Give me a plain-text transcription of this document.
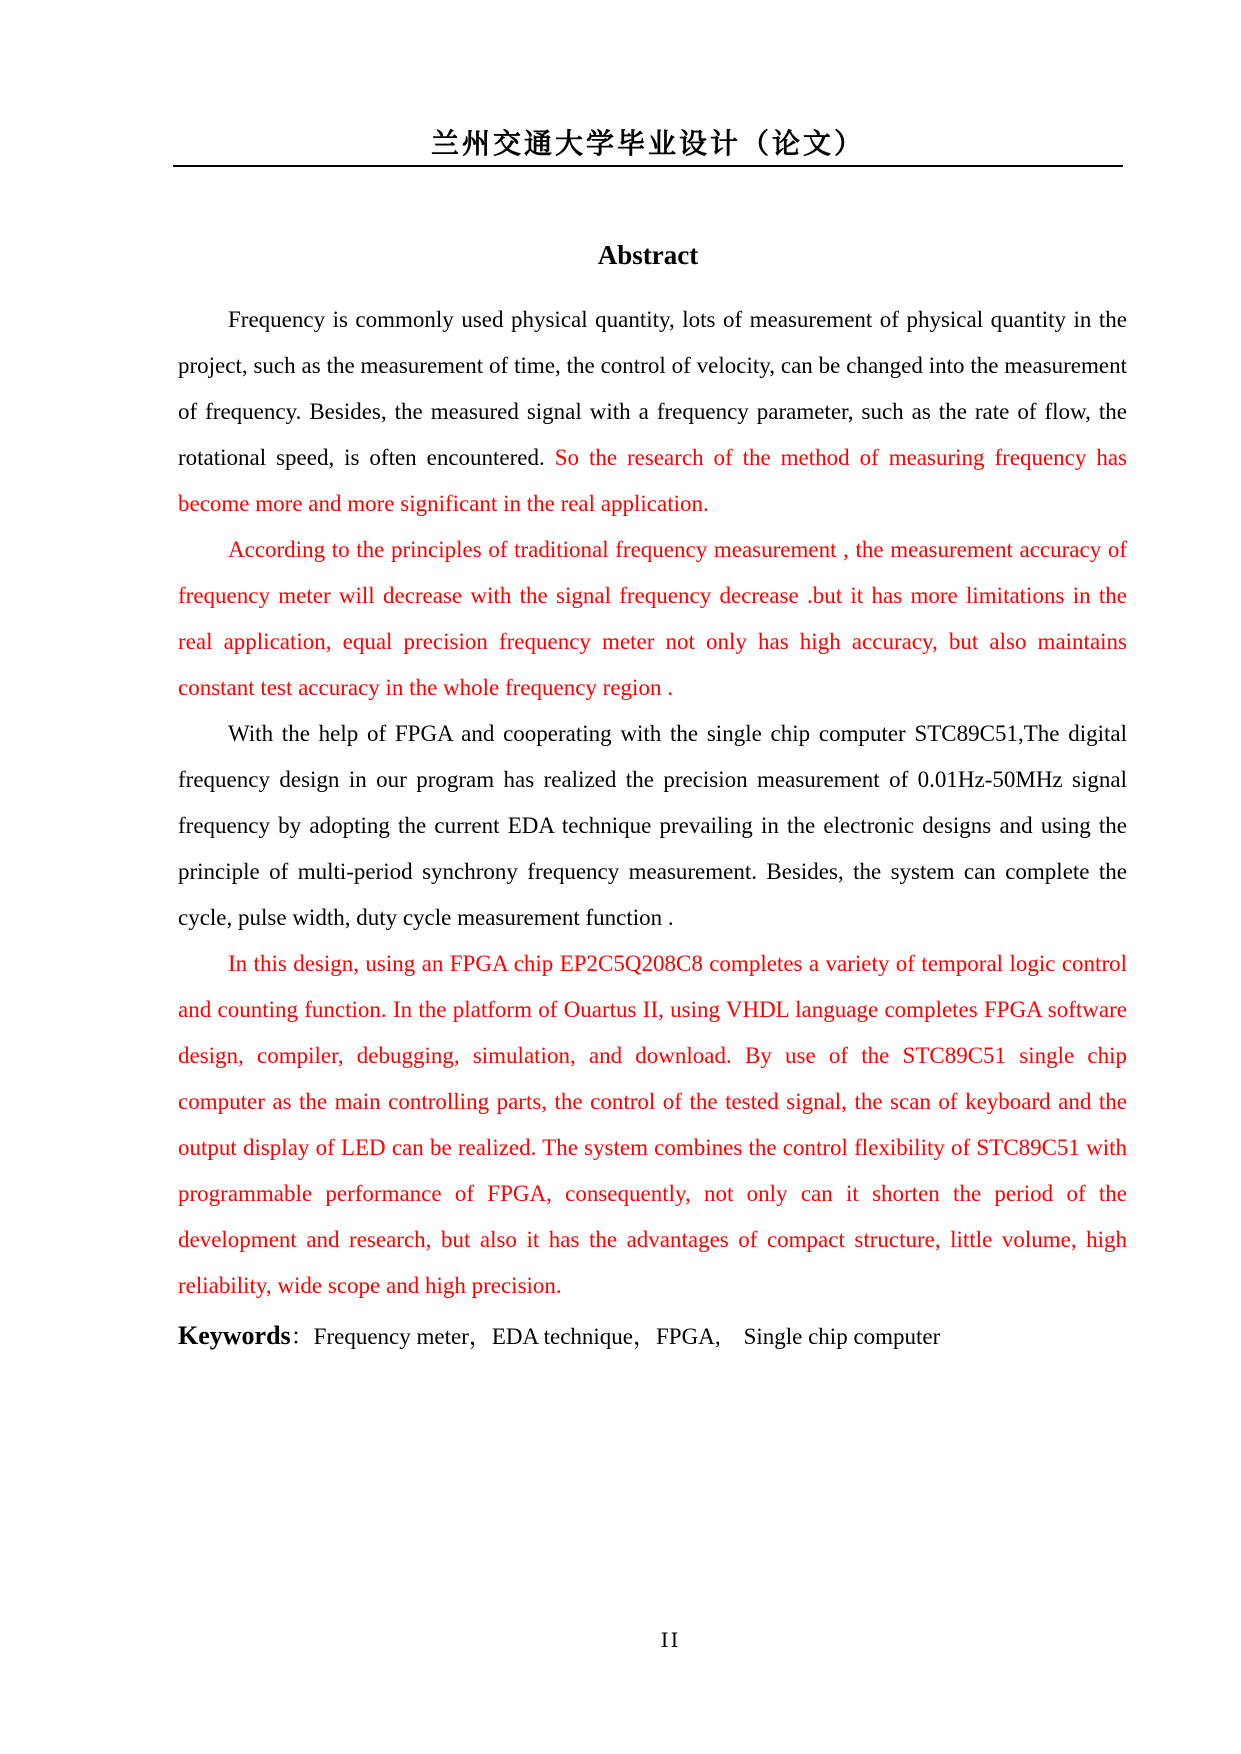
兰州交通大学毕业设计（论文）
Abstract

Frequency is commonly used physical quantity, lots of measurement of physical quantity in the project, such as the measurement of time, the control of velocity, can be changed into the measurement of frequency. Besides, the measured signal with a frequency parameter, such as the rate of flow, the rotational speed, is often encountered. So the research of the method of measuring frequency has become more and more significant in the real application.

According to the principles of traditional frequency measurement , the measurement accuracy of frequency meter will decrease with the signal frequency decrease .but it has more limitations in the real application, equal precision frequency meter not only has high accuracy, but also maintains constant test accuracy in the whole frequency region .

With the help of FPGA and cooperating with the single chip computer STC89C51,The digital frequency design in our program has realized the precision measurement of 0.01Hz-50MHz signal frequency by adopting the current EDA technique prevailing in the electronic designs and using the principle of multi-period synchrony frequency measurement. Besides, the system can complete the cycle, pulse width, duty cycle measurement function .

In this design, using an FPGA chip EP2C5Q208C8 completes a variety of temporal logic control and counting function. In the platform of Ouartus II, using VHDL language completes FPGA software design, compiler, debugging, simulation, and download. By use of the STC89C51 single chip computer as the main controlling parts, the control of the tested signal, the scan of keyboard and the output display of LED can be realized. The system combines the control flexibility of STC89C51 with programmable performance of FPGA, consequently, not only can it shorten the period of the development and research, but also it has the advantages of compact structure, little volume, high reliability, wide scope and high precision.

Keywords：Frequency meter，EDA technique，FPGA,　Single chip computer
II
